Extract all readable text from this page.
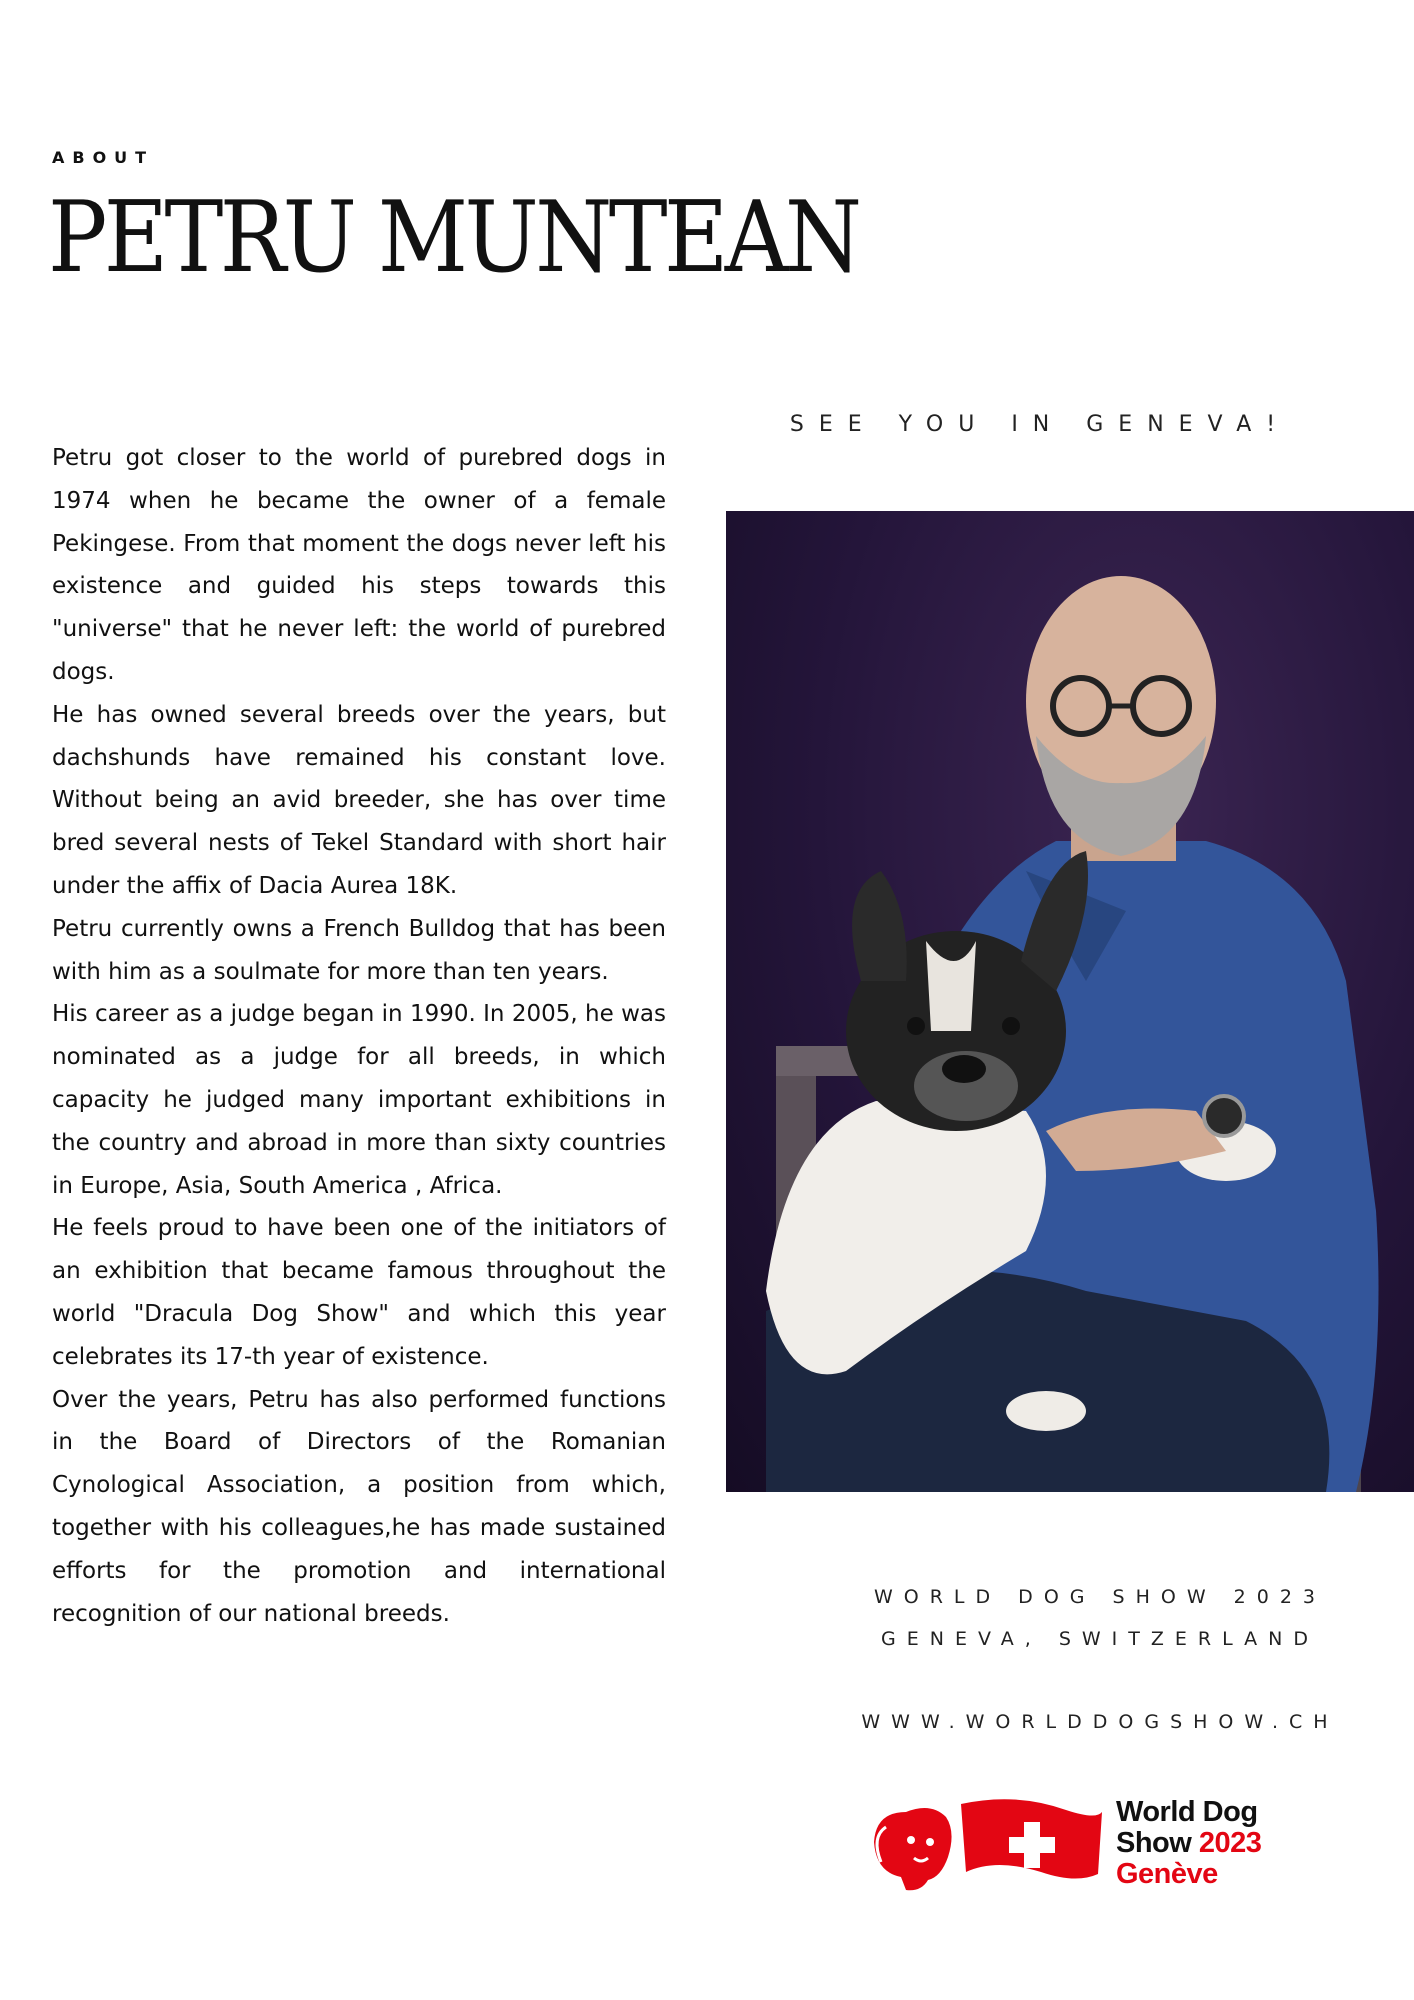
ABOUT
PETRU MUNTEAN

Petru got closer to the world of purebred dogs in 1974 when he became the owner of a female Pekingese. From that moment the dogs never left his existence and guided his steps towards this "universe" that he never left: the world of purebred dogs.

He has owned several breeds over the years, but dachshunds have remained his constant love. Without being an avid breeder, she has over time bred several nests of Tekel Standard with short hair under the affix of Dacia Aurea 18K.

Petru currently owns a French Bulldog that has been with him as a soulmate for more than ten years.

His career as a judge began in 1990. In 2005, he was nominated as a judge for all breeds, in which capacity he judged many important exhibitions in the country and abroad in more than sixty countries in Europe, Asia, South America , Africa.

He feels proud to have been one of the initiators of an exhibition that became famous throughout the world "Dracula Dog Show" and which this year celebrates its 17-th year of existence.

Over the years, Petru has also performed functions in the Board of Directors of the Romanian Cynological Association, a position from which, together with his colleagues,he has made sustained efforts for the promotion and international recognition of our national breeds.

SEE YOU IN GENEVA!
WORLD DOG SHOW 2023
GENEVA, SWITZERLAND
WWW.WORLDDOGSHOW.CH
World Dog
Show 2023
Genève
